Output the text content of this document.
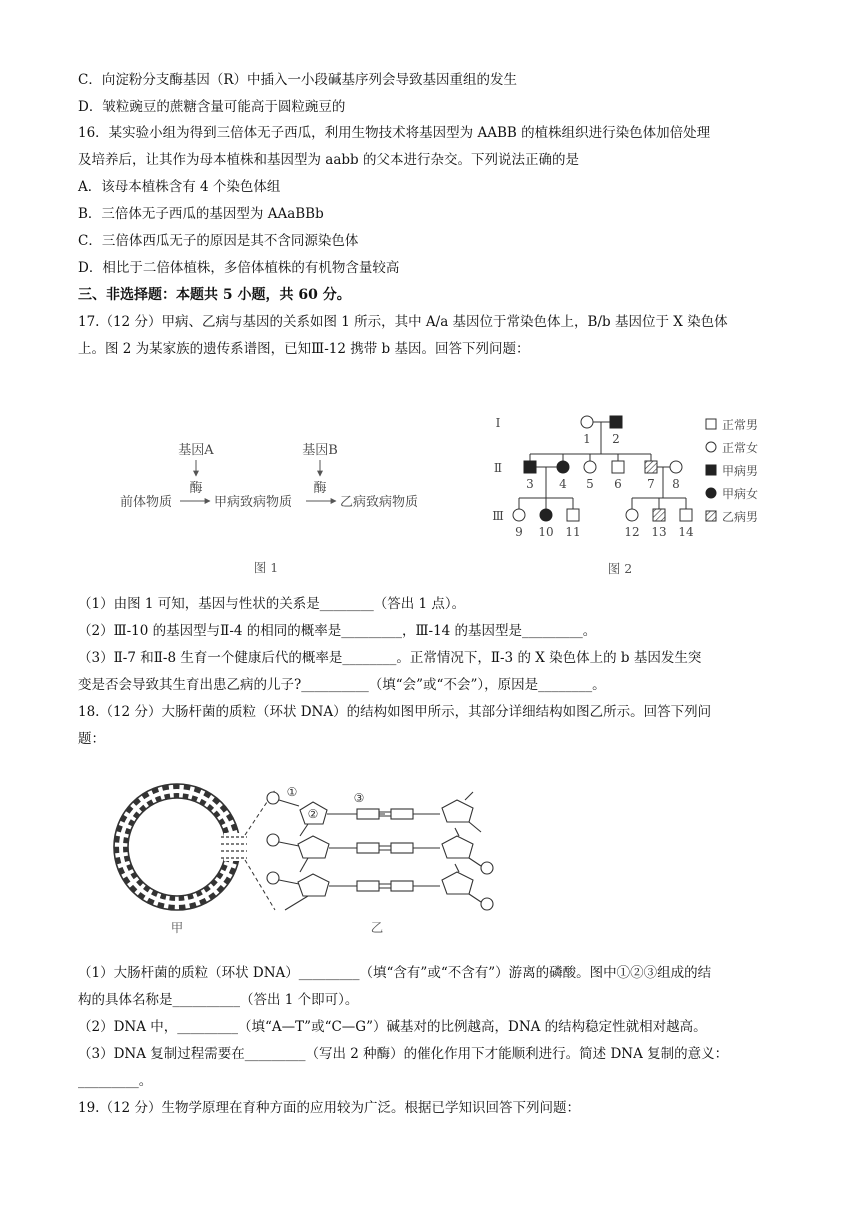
C．向淀粉分支酶基因（R）中插入一小段碱基序列会导致基因重组的发生
D．皱粒豌豆的蔗糖含量可能高于圆粒豌豆的
16．某实验小组为得到三倍体无子西瓜，利用生物技术将基因型为 AABB 的植株组织进行染色体加倍处理
及培养后，让其作为母本植株和基因型为 aabb 的父本进行杂交。下列说法正确的是
A．该母本植株含有 4 个染色体组
B．三倍体无子西瓜的基因型为 AAaBBb
C．三倍体西瓜无子的原因是其不含同源染色体
D．相比于二倍体植株，多倍体植株的有机物含量较高
三、非选择题：本题共 5 小题，共 60 分。
17.（12 分）甲病、乙病与基因的关系如图 1 所示，其中 A/a 基因位于常染色体上，B/b 基因位于 X 染色体
上。图 2 为某家族的遗传系谱图，已知Ⅲ-12 携带 b 基因。回答下列问题：
基因A
酶
基因B
酶
前体物质	甲病致病物质	乙病致病物质
图 1
Ⅰ
Ⅱ
Ⅲ
1 2
3 4 5 6 7 8
9 10 11	12 13 14
正常男
正常女
甲病男
甲病女
乙病男
图 2
（1）由图 1 可知，基因与性状的关系是________（答出 1 点）。
（2）Ⅲ-10 的基因型与Ⅱ-4 的相同的概率是_________，Ⅲ-14 的基因型是_________。
（3）Ⅱ-7 和Ⅱ-8 生育一个健康后代的概率是________。正常情况下，Ⅱ-3 的 X 染色体上的 b 基因发生突
变是否会导致其生育出患乙病的儿子?__________（填“会”或“不会”），原因是________。
18.（12 分）大肠杆菌的质粒（环状 DNA）的结构如图甲所示，其部分详细结构如图乙所示。回答下列问
题：
①
②
③
甲	乙
（1）大肠杆菌的质粒（环状 DNA）_________（填“含有”或“不含有”）游离的磷酸。图中①②③组成的结
构的具体名称是__________（答出 1 个即可）。
（2）DNA 中，_________（填“A—T”或“C—G”）碱基对的比例越高，DNA 的结构稳定性就相对越高。
（3）DNA 复制过程需要在_________（写出 2 种酶）的催化作用下才能顺利进行。简述 DNA 复制的意义：
_________。
19.（12 分）生物学原理在育种方面的应用较为广泛。根据已学知识回答下列问题：
